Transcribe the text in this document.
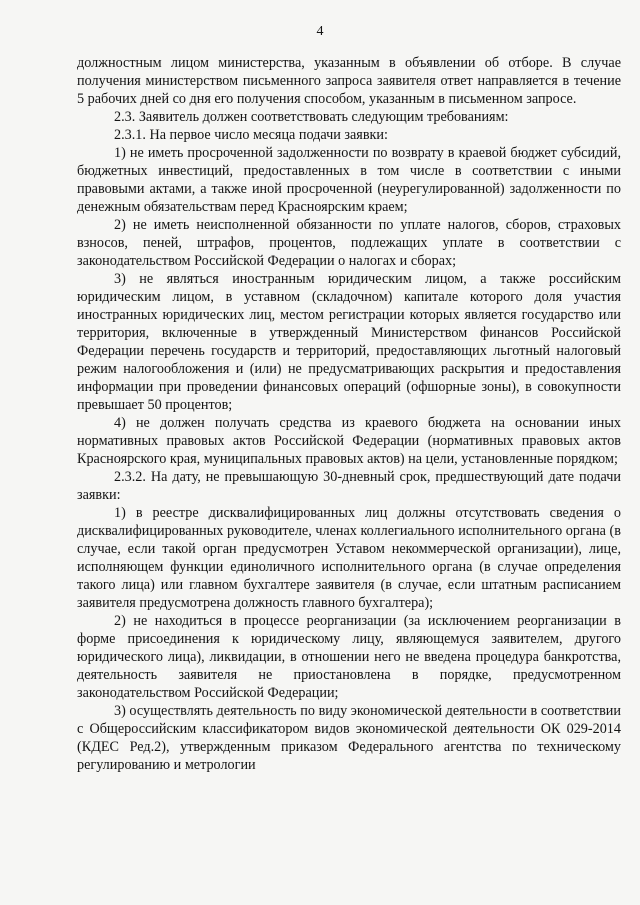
4

должностным лицом министерства, указанным в объявлении об отборе. В случае получения министерством письменного запроса заявителя ответ направляется в течение 5 рабочих дней со дня его получения способом, указанным в письменном запросе.

2.3. Заявитель должен соответствовать следующим требованиям:

2.3.1. На первое число месяца подачи заявки:

1) не иметь просроченной задолженности по возврату в краевой бюджет субсидий, бюджетных инвестиций, предоставленных в том числе в соответствии с иными правовыми актами, а также иной просроченной (неурегулированной) задолженности по денежным обязательствам перед Красноярским краем;

2) не иметь неисполненной обязанности по уплате налогов, сборов, страховых взносов, пеней, штрафов, процентов, подлежащих уплате в соответствии с законодательством Российской Федерации о налогах и сборах;

3) не являться иностранным юридическим лицом, а также российским юридическим лицом, в уставном (складочном) капитале которого доля участия иностранных юридических лиц, местом регистрации которых является государство или территория, включенные в утвержденный Министерством финансов Российской Федерации перечень государств и территорий, предоставляющих льготный налоговый режим налогообложения и (или) не предусматривающих раскрытия и предоставления информации при проведении финансовых операций (офшорные зоны), в совокупности превышает 50 процентов;

4) не должен получать средства из краевого бюджета на основании иных нормативных правовых актов Российской Федерации (нормативных правовых актов Красноярского края, муниципальных правовых актов) на цели, установленные порядком;

2.3.2. На дату, не превышающую 30-дневный срок, предшествующий дате подачи заявки:

1) в реестре дисквалифицированных лиц должны отсутствовать сведения о дисквалифицированных руководителе, членах коллегиального исполнительного органа (в случае, если такой орган предусмотрен Уставом некоммерческой организации), лице, исполняющем функции единоличного исполнительного органа (в случае определения такого лица) или главном бухгалтере заявителя (в случае, если штатным расписанием заявителя предусмотрена должность главного бухгалтера);

2) не находиться в процессе реорганизации (за исключением реорганизации в форме присоединения к юридическому лицу, являющемуся заявителем, другого юридического лица), ликвидации, в отношении него не введена процедура банкротства, деятельность заявителя не приостановлена в порядке, предусмотренном законодательством Российской Федерации;

3) осуществлять деятельность по виду экономической деятельности в соответствии с Общероссийским классификатором видов экономической деятельности ОК 029-2014 (КДЕС Ред.2), утвержденным приказом Федерального агентства по техническому регулированию и метрологии
